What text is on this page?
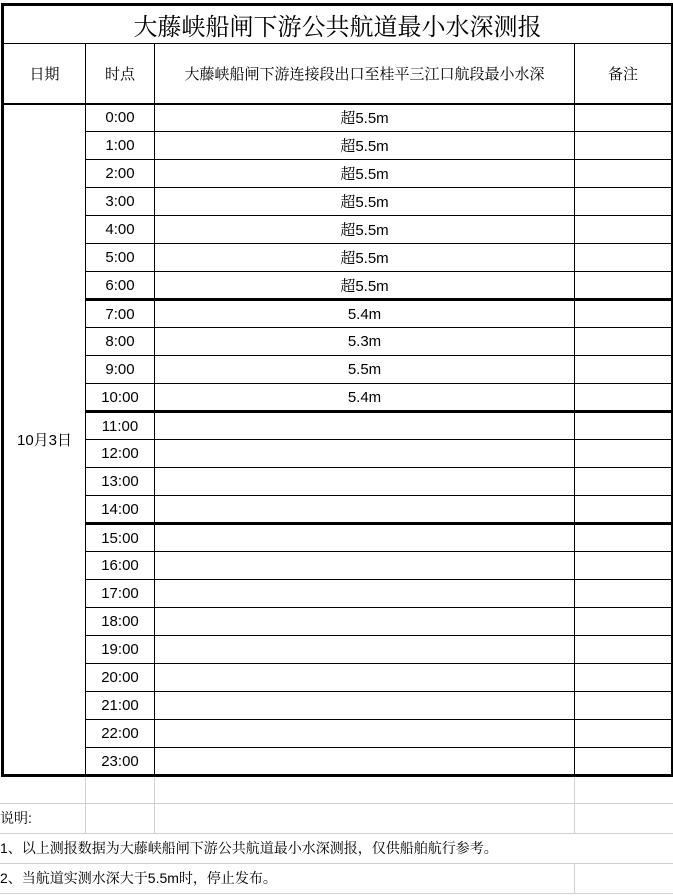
大藤峡船闸下游公共航道最小水深测报			
日期	时点	大藤峡船闸下游连接段出口至桂平三江口航段最小水深	备注
10月3日	0:00	超5.5m	
	1:00	超5.5m	
	2:00	超5.5m	
	3:00	超5.5m	
	4:00	超5.5m	
	5:00	超5.5m	
	6:00	超5.5m	
	7:00	5.4m	
	8:00	5.3m	
	9:00	5.5m	
	10:00	5.4m	
	11:00		
	12:00		
	13:00		
	14:00		
	15:00		
	16:00		
	17:00		
	18:00		
	19:00		
	20:00		
	21:00		
	22:00		
	23:00		

说明:			
1、以上测报数据为大藤峡船闸下游公共航道最小水深测报，仅供船舶航行参考。			
2、当航道实测水深大于5.5m时，停止发布。			
